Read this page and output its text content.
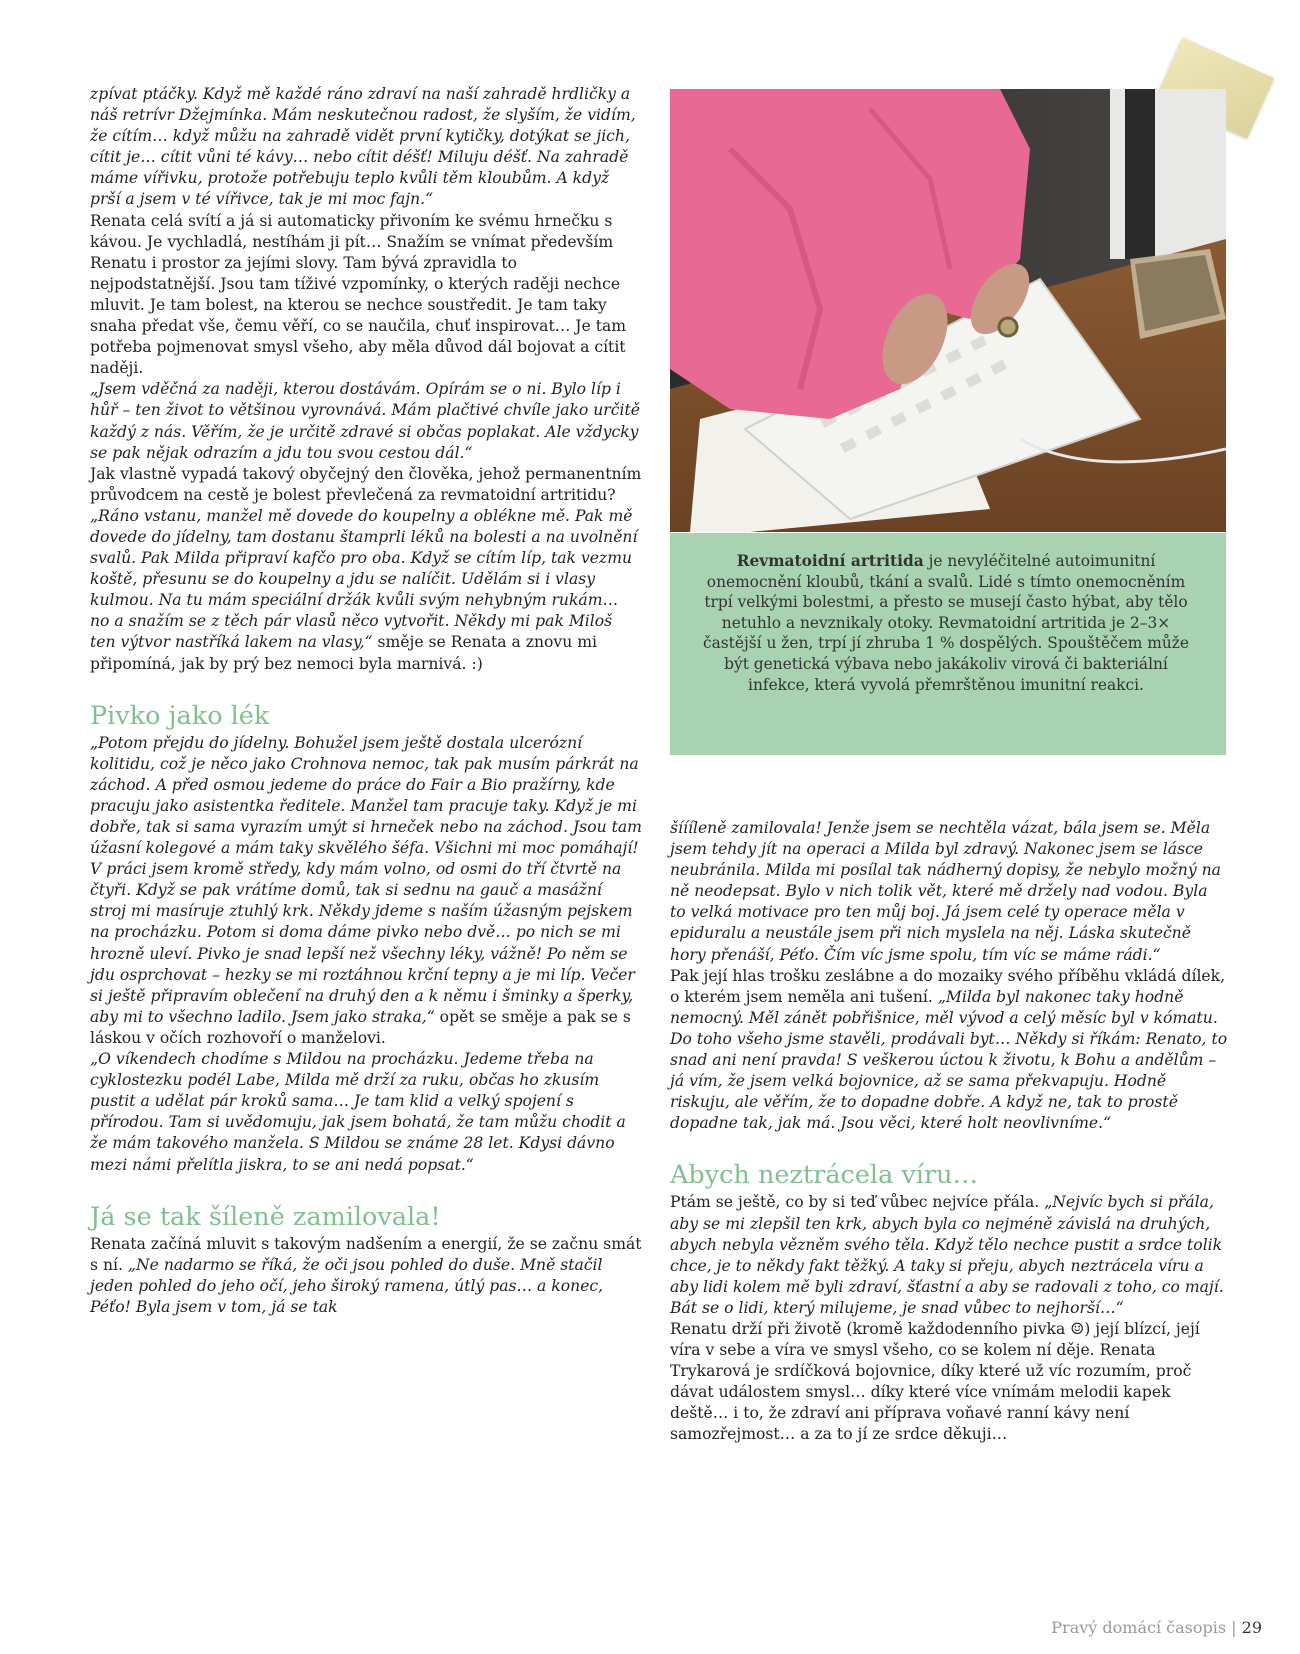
Revmatoidní artritida je nevyléčitelné autoimunitní onemocnění kloubů, tkání a svalů. Lidé s tímto onemocněním trpí velkými bolestmi, a přesto se musejí často hýbat, aby tělo netuhlo a nevznikaly otoky. Revmatoidní artritida je 2–3× častější u žen, trpí jí zhruba 1 % dospělých. Spouštěčem může být genetická výbava nebo jakákoliv virová či bakteriální infekce, která vyvolá přemrštěnou imunitní reakci.

zpívat ptáčky. Když mě každé ráno zdraví na naší zahradě hrdličky a náš retrívr Džejmínka. Mám neskutečnou radost, že slyším, že vidím, že cítím… když můžu na zahradě vidět první kytičky, dotýkat se jich, cítit je… cítit vůni té kávy… nebo cítit déšť! Miluju déšť. Na zahradě máme vířivku, protože potřebuju teplo kvůli těm kloubům. A když prší a jsem v té vířivce, tak je mi moc fajn.“

Renata celá svítí a já si automaticky přivoním ke svému hrnečku s kávou. Je vychladlá, nestíhám ji pít… Snažím se vnímat především Renatu i prostor za jejími slovy. Tam bývá zpravidla to nejpodstatnější. Jsou tam tíživé vzpomínky, o kterých raději nechce mluvit. Je tam bolest, na kterou se nechce soustředit. Je tam taky snaha předat vše, čemu věří, co se naučila, chuť inspirovat… Je tam potřeba pojmenovat smysl všeho, aby měla důvod dál bojovat a cítit naději.

„Jsem vděčná za naději, kterou dostávám. Opírám se o ni. Bylo líp i hůř – ten život to většinou vyrovnává. Mám plačtivé chvíle jako určitě každý z nás. Věřím, že je určitě zdravé si občas poplakat. Ale vždycky se pak nějak odrazím a jdu tou svou cestou dál.“

Jak vlastně vypadá takový obyčejný den člověka, jehož permanentním průvodcem na cestě je bolest převlečená za revmatoidní artritidu?

„Ráno vstanu, manžel mě dovede do koupelny a oblékne mě. Pak mě dovede do jídelny, tam dostanu štamprli léků na bolesti a na uvolnění svalů. Pak Milda připraví kafčo pro oba. Když se cítím líp, tak vezmu koště, přesunu se do koupelny a jdu se nalíčit. Udělám si i vlasy kulmou. Na tu mám speciální držák kvůli svým nehybným rukám… no a snažím se z těch pár vlasů něco vytvořit. Někdy mi pak Miloš ten výtvor nastříká lakem na vlasy,“ směje se Renata a znovu mi připomíná, jak by prý bez nemoci byla marnivá. :)

Pivko jako lék

„Potom přejdu do jídelny. Bohužel jsem ještě dostala ulcerózní kolitidu, což je něco jako Crohnova nemoc, tak pak musím párkrát na záchod. A před osmou jedeme do práce do Fair a Bio pražírny, kde pracuju jako asistentka ředitele. Manžel tam pracuje taky. Když je mi dobře, tak si sama vyrazím umýt si hrneček nebo na záchod. Jsou tam úžasní kolegové a mám taky skvělého šéfa. Všichni mi moc pomáhají! V práci jsem kromě středy, kdy mám volno, od osmi do tří čtvrtě na čtyři. Když se pak vrátíme domů, tak si sednu na gauč a masážní stroj mi masíruje ztuhlý krk. Někdy jdeme s naším úžasným pejskem na procházku. Potom si doma dáme pivko nebo dvě… po nich se mi hrozně uleví. Pivko je snad lepší než všechny léky, vážně! Po něm se jdu osprchovat – hezky se mi roztáhnou krční tepny a je mi líp. Večer si ještě připravím oblečení na druhý den a k němu i šminky a šperky, aby mi to všechno ladilo. Jsem jako straka,“ opět se směje a pak se s láskou v očích rozhovoří o manželovi.

„O víkendech chodíme s Mildou na procházku. Jedeme třeba na cyklostezku podél Labe, Milda mě drží za ruku, občas ho zkusím pustit a udělat pár kroků sama… Je tam klid a velký spojení s přírodou. Tam si uvědomuju, jak jsem bohatá, že tam můžu chodit a že mám takového manžela. S Mildou se známe 28 let. Kdysi dávno mezi námi přelítla jiskra, to se ani nedá popsat.“

Já se tak šíleně zamilovala!

Renata začíná mluvit s takovým nadšením a energií, že se začnu smát s ní. „Ne nadarmo se říká, že oči jsou pohled do duše. Mně stačil jeden pohled do jeho očí, jeho široký ramena, útlý pas… a konec, Péťo! Byla jsem v tom, já se tak

šíííleně zamilovala! Jenže jsem se nechtěla vázat, bála jsem se. Měla jsem tehdy jít na operaci a Milda byl zdravý. Nakonec jsem se lásce neubránila. Milda mi posílal tak nádherný dopisy, že nebylo možný na ně neodepsat. Bylo v nich tolik vět, které mě držely nad vodou. Byla to velká motivace pro ten můj boj. Já jsem celé ty operace měla v epiduralu a neustále jsem při nich myslela na něj. Láska skutečně hory přenáší, Péťo. Čím víc jsme spolu, tím víc se máme rádi.“

Pak její hlas trošku zeslábne a do mozaiky svého příběhu vkládá dílek, o kterém jsem neměla ani tušení. „Milda byl nakonec taky hodně nemocný. Měl zánět pobřišnice, měl vývod a celý měsíc byl v kómatu. Do toho všeho jsme stavěli, prodávali byt… Někdy si říkám: Renato, to snad ani není pravda! S veškerou úctou k životu, k Bohu a andělům – já vím, že jsem velká bojovnice, až se sama překvapuju. Hodně riskuju, ale věřím, že to dopadne dobře. A když ne, tak to prostě dopadne tak, jak má. Jsou věci, které holt neovlivníme.“

Abych neztrácela víru…

Ptám se ještě, co by si teď vůbec nejvíce přála. „Nejvíc bych si přála, aby se mi zlepšil ten krk, abych byla co nejméně závislá na druhých, abych nebyla vězněm svého těla. Když tělo nechce pustit a srdce tolik chce, je to někdy fakt těžký. A taky si přeju, abych neztrácela víru a aby lidi kolem mě byli zdraví, šťastní a aby se radovali z toho, co mají. Bát se o lidi, který milujeme, je snad vůbec to nejhorší…“

Renatu drží při životě (kromě každodenního pivka ☺) její blízcí, její víra v sebe a víra ve smysl všeho, co se kolem ní děje. Renata Trykarová je srdíčková bojovnice, díky které už víc rozumím, proč dávat událostem smysl… díky které více vnímám melodii kapek deště… i to, že zdraví ani příprava voňavé ranní kávy není samozřejmost… a za to jí ze srdce děkuji…

Pravý domácí časopis | 29
